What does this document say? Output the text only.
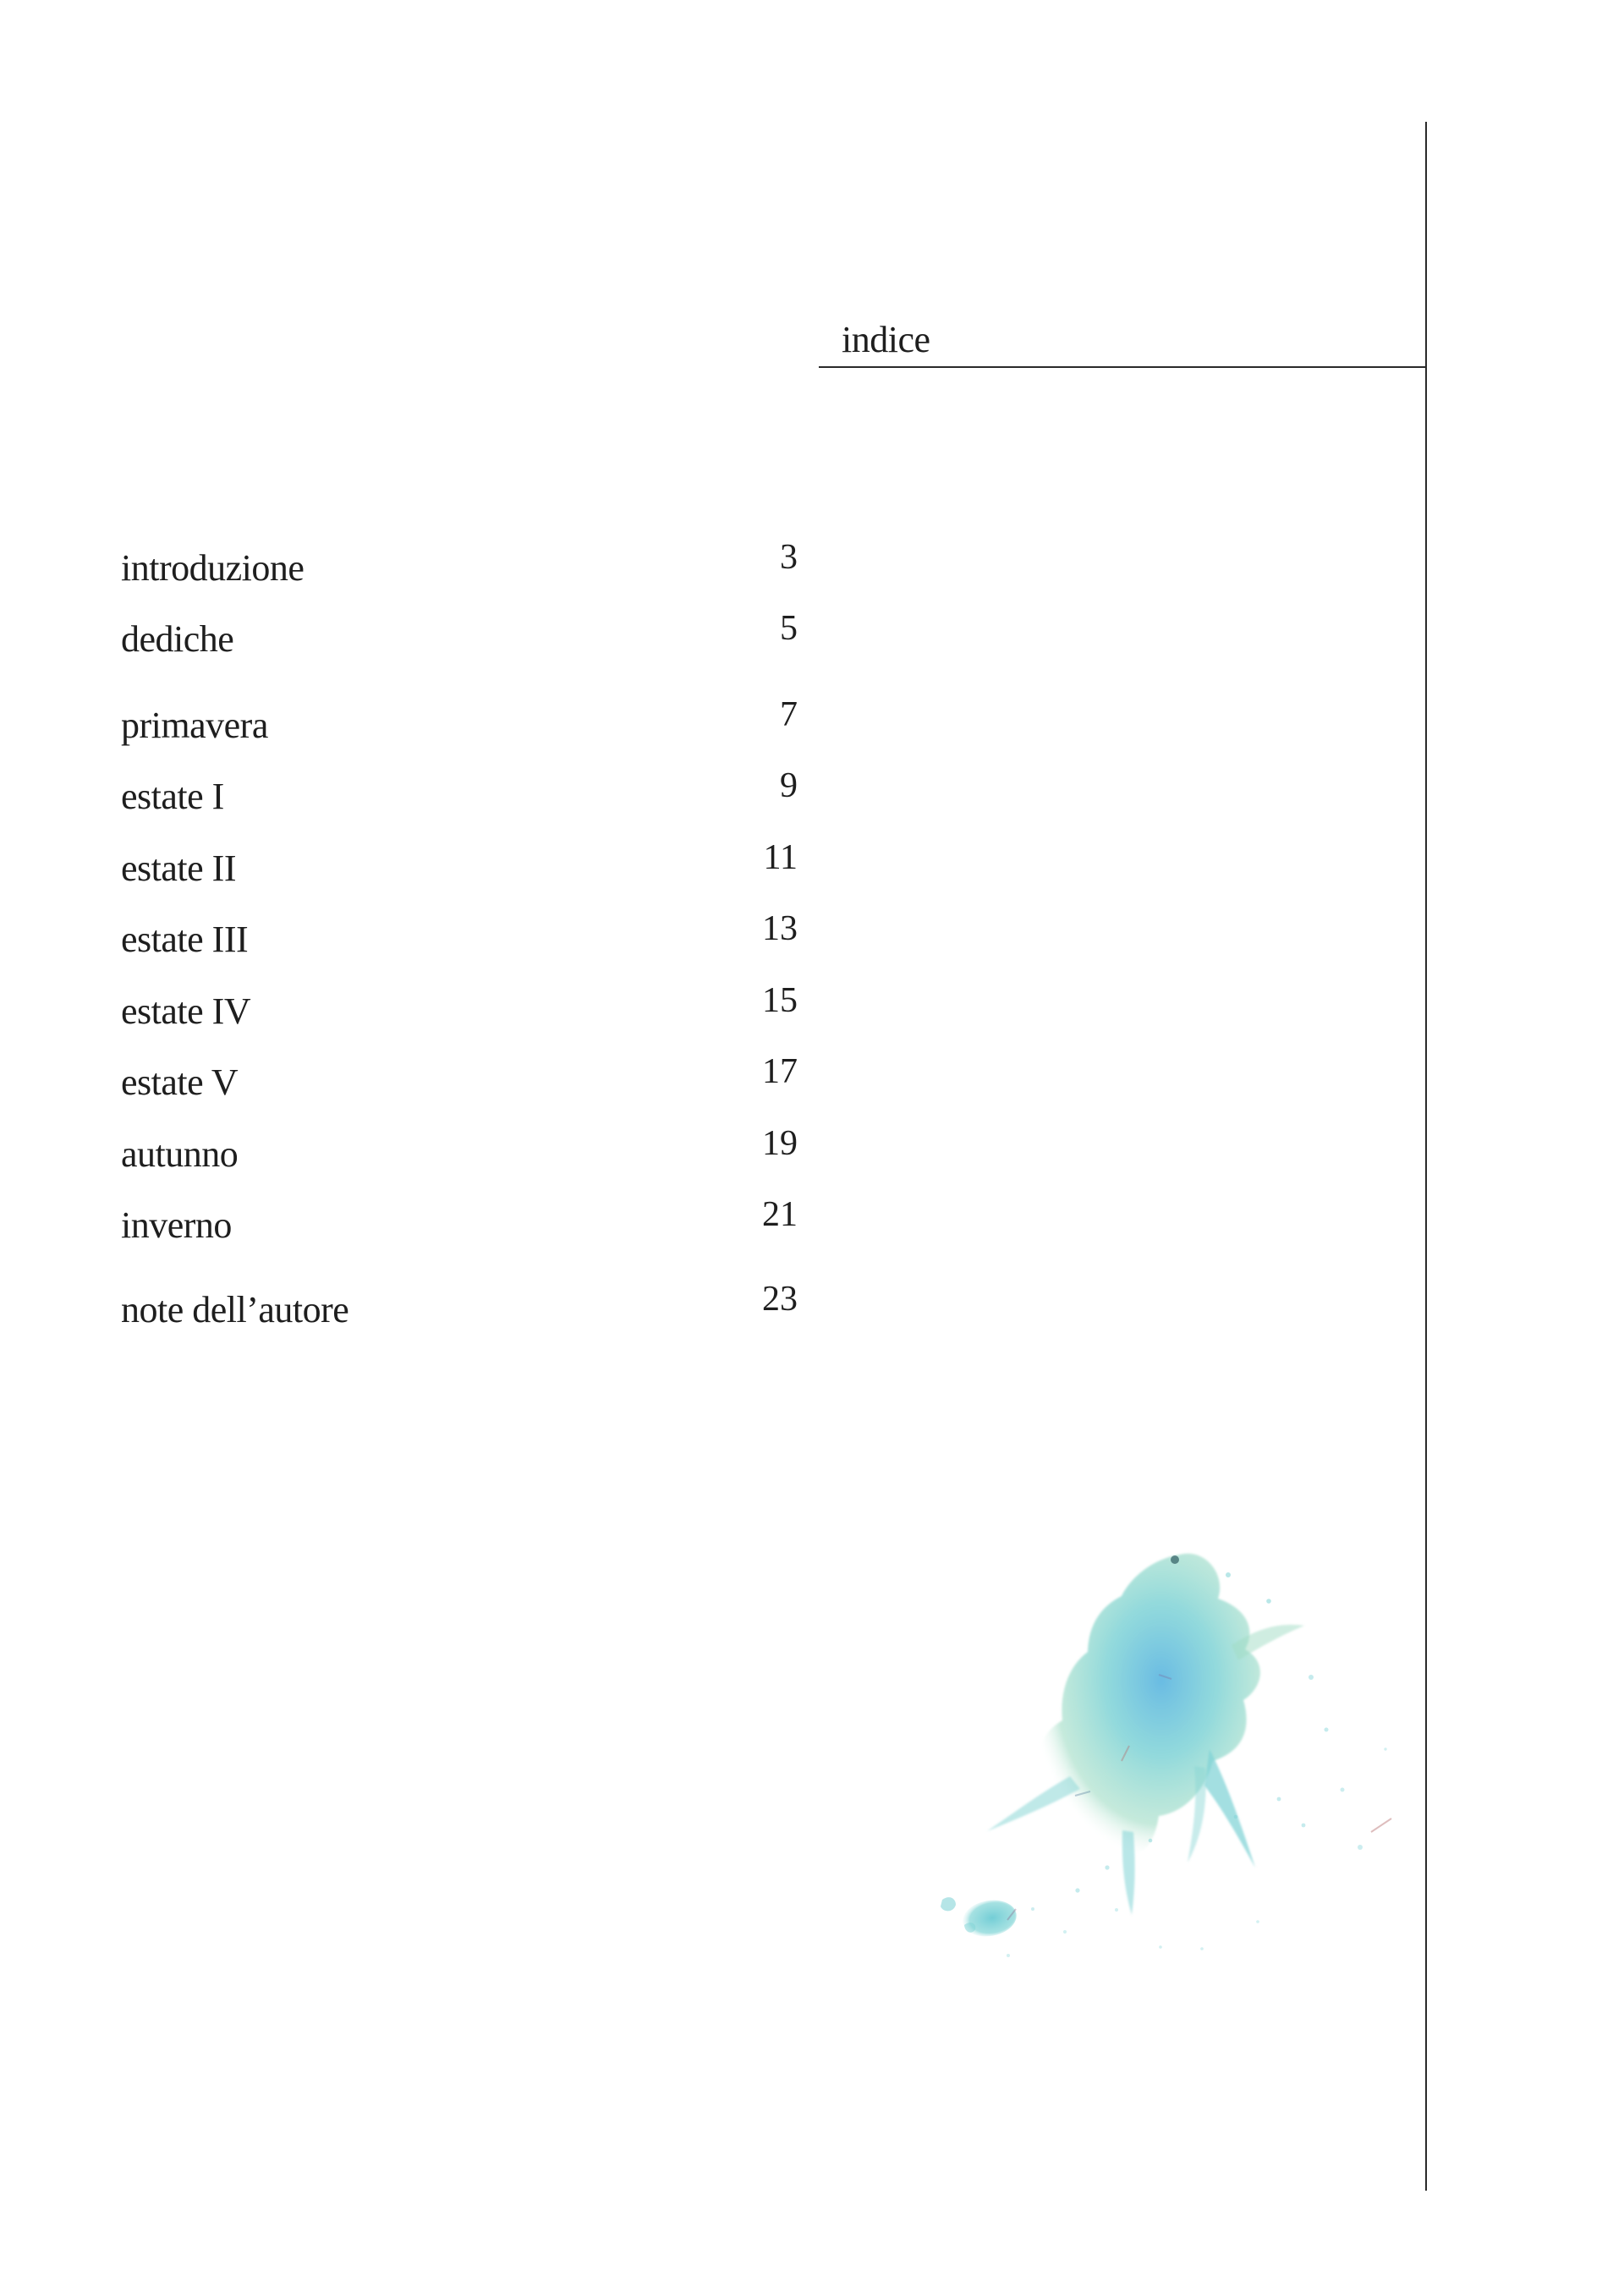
indice
introduzione	3
dediche	5
primavera	7
estate I	9
estate II	11
estate III	13
estate IV	15
estate V	17
autunno	19
inverno	21
note dell’autore	23
